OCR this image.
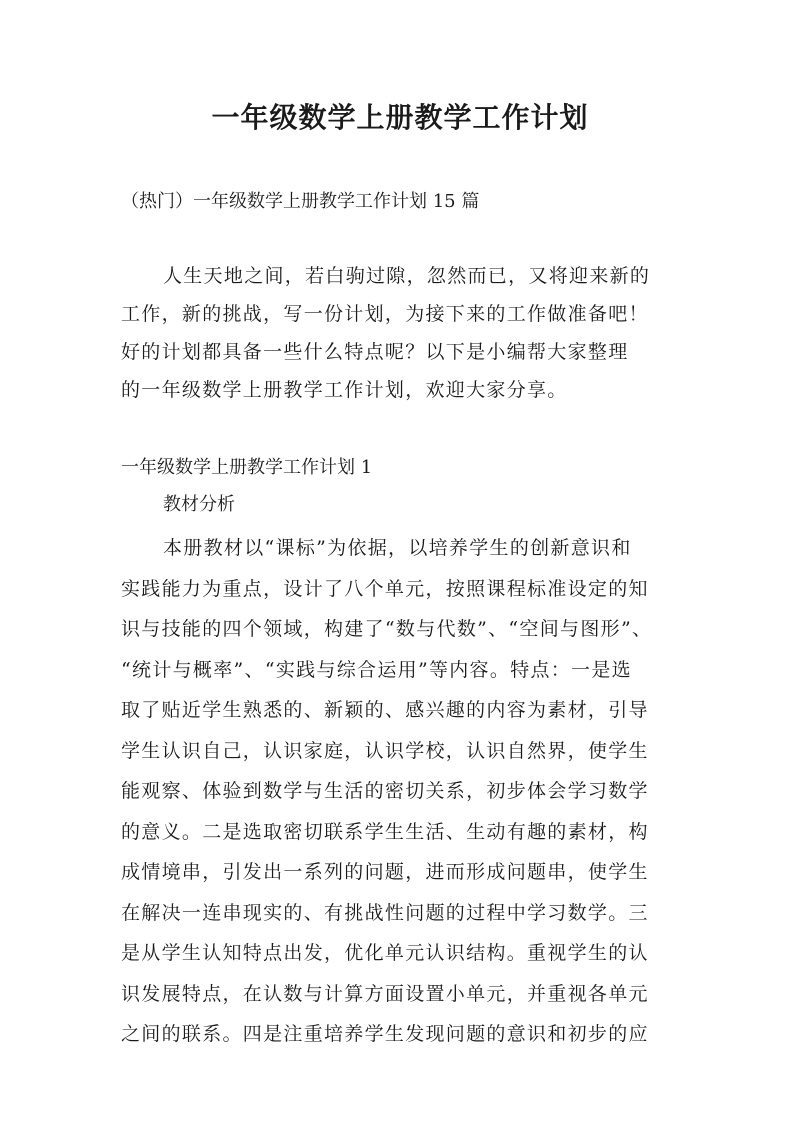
一年级数学上册教学工作计划
（热门）一年级数学上册教学工作计划 15 篇
人生天地之间，若白驹过隙，忽然而已，又将迎来新的
工作，新的挑战，写一份计划，为接下来的工作做准备吧！
好的计划都具备一些什么特点呢？以下是小编帮大家整理
的一年级数学上册教学工作计划，欢迎大家分享。
一年级数学上册教学工作计划 1
教材分析
本册教材以“课标”为依据，以培养学生的创新意识和
实践能力为重点，设计了八个单元，按照课程标准设定的知
识与技能的四个领域，构建了“数与代数”、“空间与图形”、
“统计与概率”、“实践与综合运用”等内容。特点：一是选
取了贴近学生熟悉的、新颖的、感兴趣的内容为素材，引导
学生认识自己，认识家庭，认识学校，认识自然界，使学生
能观察、体验到数学与生活的密切关系，初步体会学习数学
的意义。二是选取密切联系学生生活、生动有趣的素材，构
成情境串，引发出一系列的问题，进而形成问题串，使学生
在解决一连串现实的、有挑战性问题的过程中学习数学。三
是从学生认知特点出发，优化单元认识结构。重视学生的认
识发展特点，在认数与计算方面设置小单元，并重视各单元
之间的联系。四是注重培养学生发现问题的意识和初步的应
